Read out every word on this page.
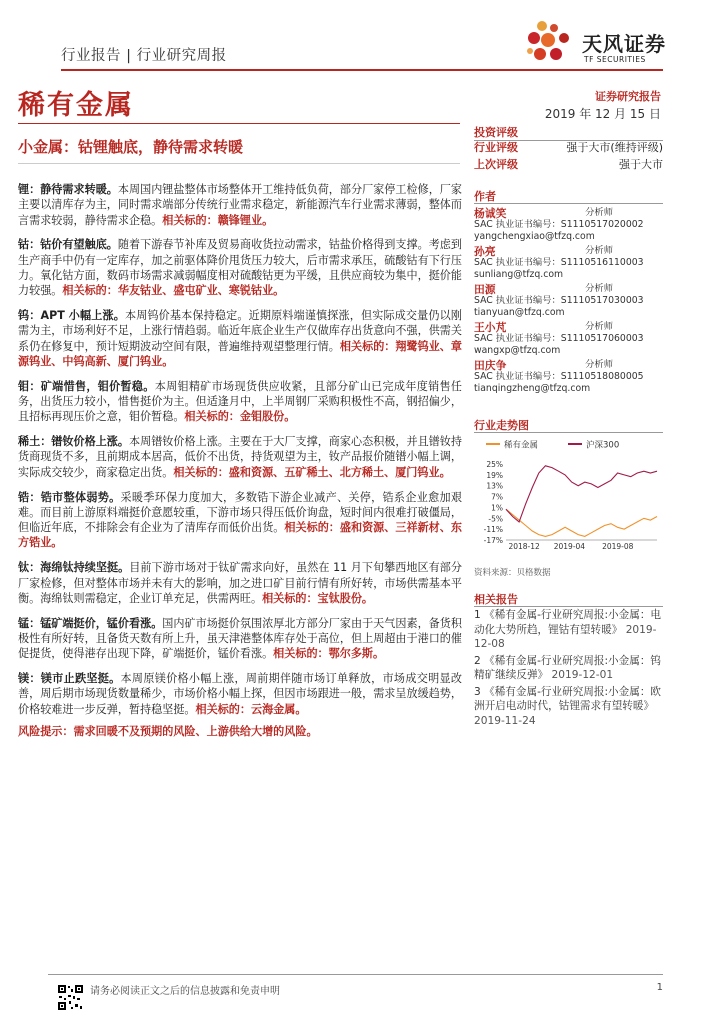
行业报告 | 行业研究周报	天风证券
TF SECURITIES
稀有金属	证券研究报告
2019 年 12 月 15 日
小金属：钴锂触底，静待需求转暖

锂：静待需求转暖。本周国内锂盐整体市场整体开工维持低负荷，部分厂家停工检修，厂家主要以清库存为主，同时需求端部分传统行业需求稳定，新能源汽车行业需求薄弱，整体而言需求较弱，静待需求企稳。相关标的：赣锋锂业。

钴：钴价有望触底。随着下游春节补库及贸易商收货拉动需求，钴盐价格得到支撑。考虑到生产商手中仍有一定库存，加之前驱体降价甩货压力较大，后市需求承压，硫酸钴有下行压力。氧化钴方面，数码市场需求减弱幅度相对硫酸钴更为平缓，且供应商较为集中，挺价能力较强。相关标的：华友钴业、盛屯矿业、寒锐钴业。

钨：APT 小幅上涨。本周钨价基本保持稳定。近期原料端谨慎探涨，但实际成交量仍以刚需为主，市场利好不足，上涨行情趋弱。临近年底企业生产仅做库存出货意向不强，供需关系仍在修复中，预计短期波动空间有限，普遍维持观望整理行情。相关标的：翔鹭钨业、章源钨业、中钨高新、厦门钨业。

钼：矿端惜售，钼价暂稳。本周钼精矿市场现货供应收紧，且部分矿山已完成年度销售任务，出货压力较小，惜售挺价为主。但适逢月中，上半周钢厂采购积极性不高，钢招偏少，且招标再现压价之意，钼价暂稳。相关标的：金钼股份。

稀土：镨钕价格上涨。本周镨钕价格上涨。主要在于大厂支撑，商家心态积极，并且镨钕持货商现货不多，且前期成本居高，低价不出货，持货观望为主，钕产品报价随镨小幅上调，实际成交较少，商家稳定出货。相关标的：盛和资源、五矿稀土、北方稀土、厦门钨业。

锆：锆市整体弱势。采暖季环保力度加大，多数锆下游企业减产、关停，锆系企业愈加艰难。而目前上游原料端挺价意愿较重，下游市场只得压低价询盘，短时间内很难打破僵局，但临近年底，不排除会有企业为了清库存而低价出货。相关标的：盛和资源、三祥新材、东方锆业。

钛：海绵钛持续坚挺。目前下游市场对于钛矿需求向好，虽然在 11 月下旬攀西地区有部分厂家检修，但对整体市场并未有大的影响，加之进口矿目前行情有所好转，市场供需基本平衡。海绵钛则需稳定，企业订单充足，供需两旺。相关标的：宝钛股份。

锰：锰矿端挺价，锰价看涨。国内矿市场挺价氛围浓厚北方部分厂家由于天气因素，备货积极性有所好转，且备货天数有所上升，虽天津港整体库存处于高位，但上周超由于港口的催促提货，使得港存出现下降，矿端挺价，锰价看涨。相关标的：鄂尔多斯。

镁：镁市止跌坚挺。本周原镁价格小幅上涨，周前期伴随市场订单释放，市场成交明显改善，周后期市场现货数量稀少，市场价格小幅上探，但因市场跟进一般，需求呈放缓趋势，价格较难进一步反弹，暂持稳坚挺。相关标的：云海金属。

风险提示：需求回暖不及预期的风险、上游供给大增的风险。

投资评级
行业评级	强于大市(维持评级)
上次评级	强于大市
作者
杨诚笑	分析师
SAC 执业证书编号：S1110517020002
yangchengxiao@tfzq.com
孙亮	分析师
SAC 执业证书编号：S1110516110003
sunliang@tfzq.com
田源	分析师
SAC 执业证书编号：S1110517030003
tianyuan@tfzq.com
王小芃	分析师
SAC 执业证书编号：S1110517060003
wangxp@tfzq.com
田庆争	分析师
SAC 执业证书编号：S1110518080005
tianqingzheng@tfzq.com
行业走势图
稀有金属	沪深300
25%
19%
13%
7%
1%
-5%
-11%
-17%
2018-12 2019-04 2019-08
资料来源：贝格数据
相关报告
1 《稀有金属-行业研究周报:小金属：电动化大势所趋，锂钴有望转暖》 2019-12-08
2 《稀有金属-行业研究周报:小金属：钨精矿继续反弹》 2019-12-01
3 《稀有金属-行业研究周报:小金属：欧洲开启电动时代，钴锂需求有望转暖》 2019-11-24
请务必阅读正文之后的信息披露和免责申明	1
